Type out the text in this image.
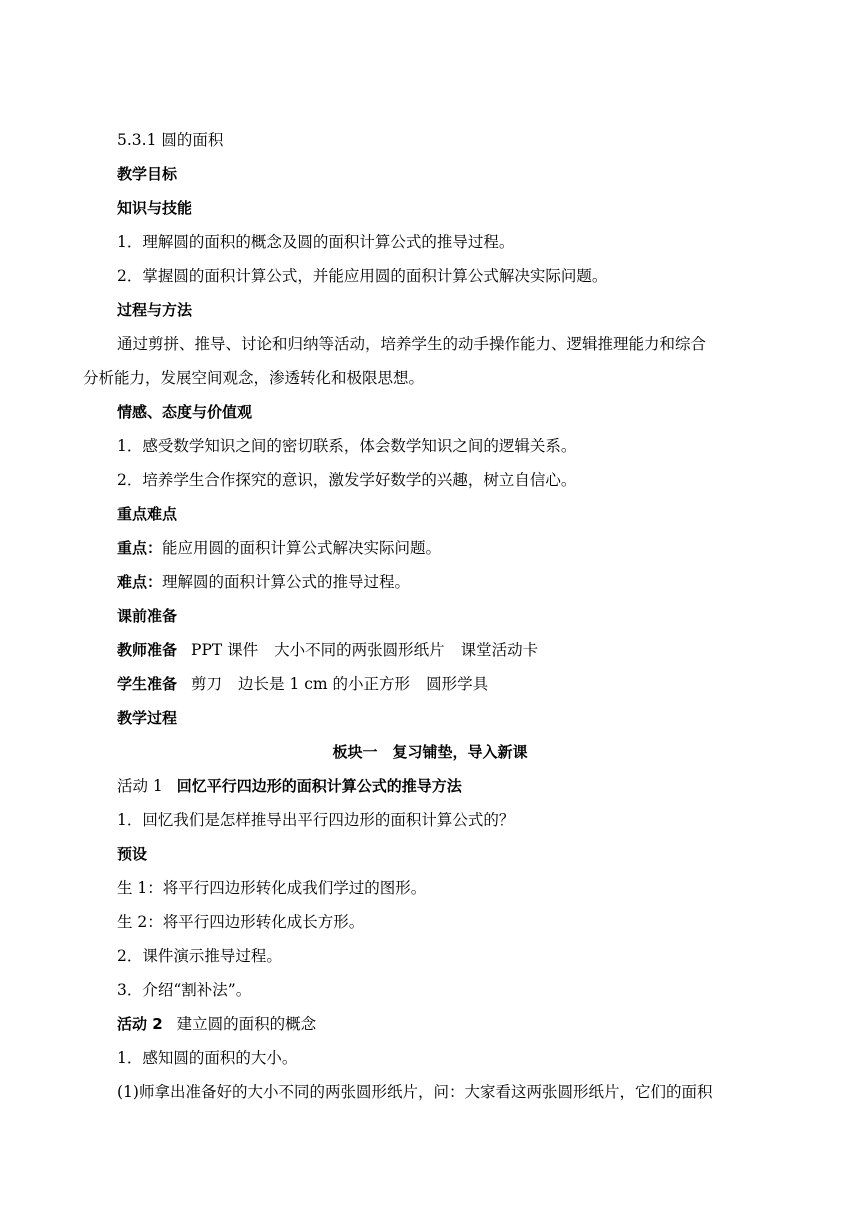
5.3.1 圆的面积
教学目标
知识与技能
1．理解圆的面积的概念及圆的面积计算公式的推导过程。
2．掌握圆的面积计算公式，并能应用圆的面积计算公式解决实际问题。
过程与方法
通过剪拼、推导、讨论和归纳等活动，培养学生的动手操作能力、逻辑推理能力和综合
分析能力，发展空间观念，渗透转化和极限思想。
情感、态度与价值观
1．感受数学知识之间的密切联系，体会数学知识之间的逻辑关系。
2．培养学生合作探究的意识，激发学好数学的兴趣，树立自信心。
重点难点
重点：能应用圆的面积计算公式解决实际问题。
难点：理解圆的面积计算公式的推导过程。
课前准备
教师准备 PPT 课件 大小不同的两张圆形纸片 课堂活动卡
学生准备 剪刀 边长是 1 cm 的小正方形 圆形学具
教学过程
板块一　复习铺垫，导入新课
活动 1 回忆平行四边形的面积计算公式的推导方法
1．回忆我们是怎样推导出平行四边形的面积计算公式的？
预设
生 1：将平行四边形转化成我们学过的图形。
生 2：将平行四边形转化成长方形。
2．课件演示推导过程。
3．介绍“割补法”。
活动 2 建立圆的面积的概念
1．感知圆的面积的大小。
(1)师拿出准备好的大小不同的两张圆形纸片，问：大家看这两张圆形纸片，它们的面积
